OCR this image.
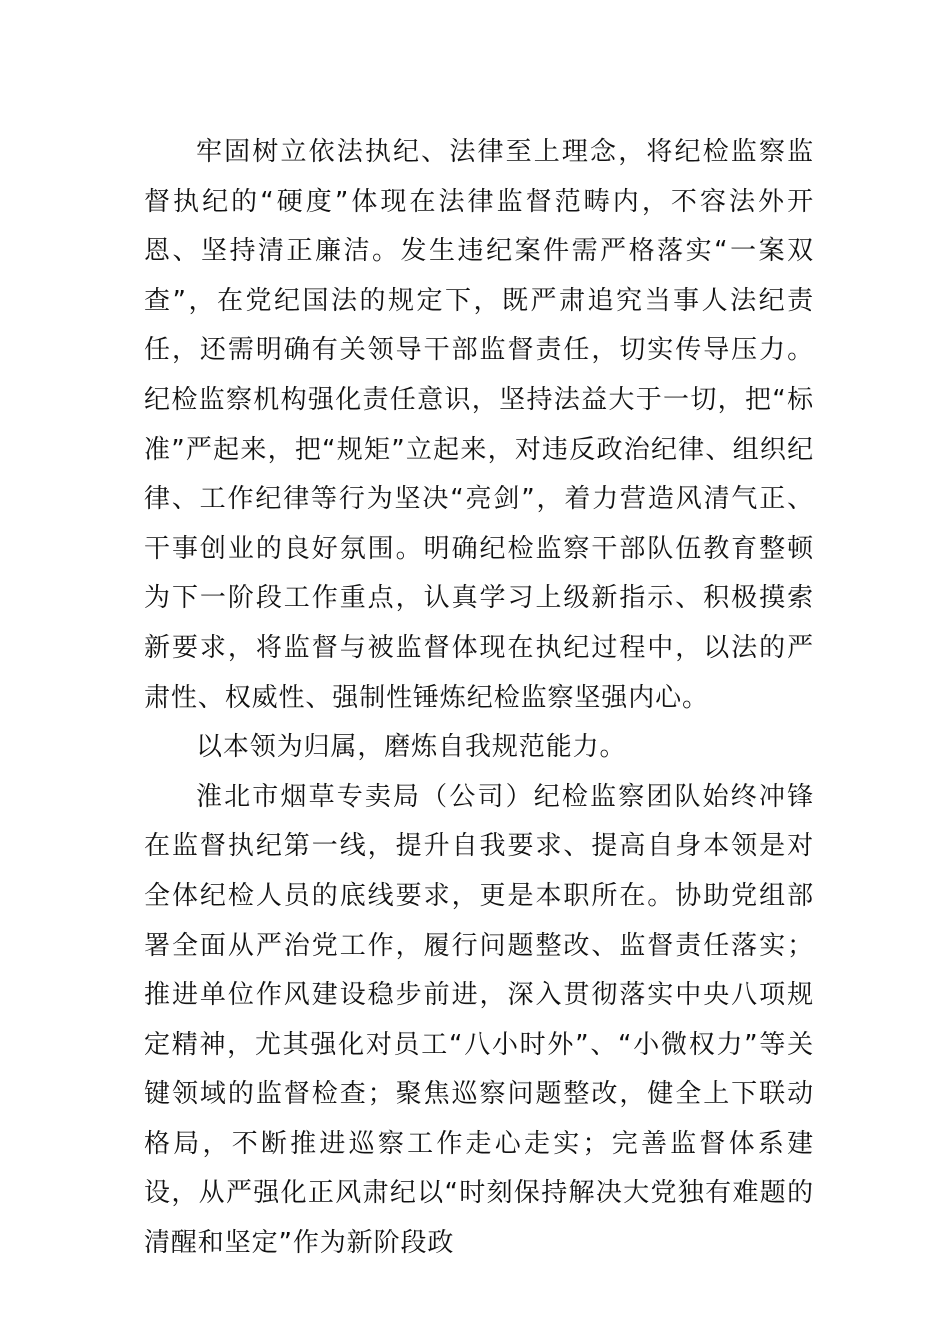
牢固树立依法执纪、法律至上理念，将纪检监察监督执纪的“硬度”体现在法律监督范畴内，不容法外开恩、坚持清正廉洁。发生违纪案件需严格落实“一案双查”，在党纪国法的规定下，既严肃追究当事人法纪责任，还需明确有关领导干部监督责任，切实传导压力。纪检监察机构强化责任意识，坚持法益大于一切，把“标准”严起来，把“规矩”立起来，对违反政治纪律、组织纪律、工作纪律等行为坚决“亮剑”，着力营造风清气正、干事创业的良好氛围。明确纪检监察干部队伍教育整顿为下一阶段工作重点，认真学习上级新指示、积极摸索新要求，将监督与被监督体现在执纪过程中，以法的严肃性、权威性、强制性锤炼纪检监察坚强内心。

以本领为归属，磨炼自我规范能力。

淮北市烟草专卖局（公司）纪检监察团队始终冲锋在监督执纪第一线，提升自我要求、提高自身本领是对全体纪检人员的底线要求，更是本职所在。协助党组部署全面从严治党工作，履行问题整改、监督责任落实；推进单位作风建设稳步前进，深入贯彻落实中央八项规定精神，尤其强化对员工“八小时外”、“小微权力”等关键领域的监督检查；聚焦巡察问题整改，健全上下联动格局，不断推进巡察工作走心走实；完善监督体系建设，从严强化正风肃纪以“时刻保持解决大党独有难题的清醒和坚定”作为新阶段政
